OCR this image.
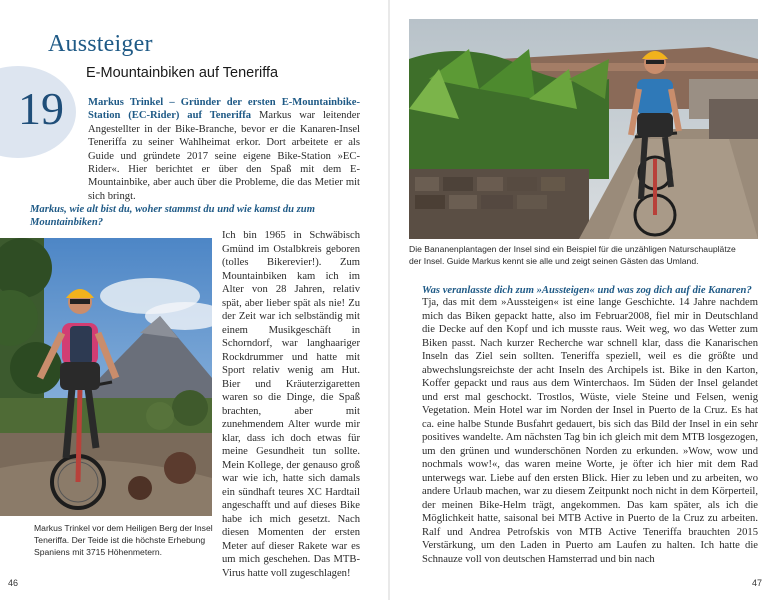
19
Aussteiger
E-Mountainbiken auf Teneriffa
Markus Trinkel – Gründer der ersten E-Mountainbike-Station (EC-Rider) auf Teneriffa Markus war leitender Angestellter in der Bike-Branche, bevor er die Kanaren-Insel Teneriffa zu seiner Wahlheimat erkor. Dort arbeitete er als Guide und gründete 2017 seine eigene Bike-Station »EC-Rider«. Hier berichtet er über den Spaß mit dem E-Mountainbike, aber auch über die Probleme, die das Metier mit sich bringt.
Markus, wie alt bist du, woher stammst du und wie kamst du zum Mountainbiken?
Markus Trinkel vor dem Heiligen Berg der Insel Teneriffa. Der Teide ist die höchste Erhebung Spaniens mit 3715 Höhenmetern.
Ich bin 1965 in Schwäbisch Gmünd im Ostalbkreis geboren (tolles Bikerevier!). Zum Mountainbiken kam ich im Alter von 28 Jahren, relativ spät, aber lieber spät als nie! Zu der Zeit war ich selbständig mit einem Musikgeschäft in Schorndorf, war langhaariger Rockdrummer und hatte mit Sport relativ wenig am Hut. Bier und Kräuterzigaretten waren so die Dinge, die Spaß brachten, aber mit zunehmendem Alter wurde mir klar, dass ich doch etwas für meine Gesundheit tun sollte. Mein Kollege, der genauso groß war wie ich, hatte sich damals ein sündhaft teures XC Hardtail angeschafft und auf dieses Bike habe ich mich gesetzt. Nach diesen Momenten der ersten Meter auf dieser Rakete war es um mich geschehen. Das MTB-Virus hatte voll zugeschlagen!
46
Die Bananenplantagen der Insel sind ein Beispiel für die unzähligen Naturschauplätze der Insel. Guide Markus kennt sie alle und zeigt seinen Gästen das Umland.
Was veranlasste dich zum »Aussteigen« und was zog dich auf die Kanaren?
Tja, das mit dem »Aussteigen« ist eine lange Geschichte. 14 Jahre nachdem mich das Biken gepackt hatte, also im Februar2008, fiel mir in Deutschland die Decke auf den Kopf und ich musste raus. Weit weg, wo das Wetter zum Biken passt. Nach kurzer Recherche war schnell klar, dass die Kanarischen Inseln das Ziel sein sollten. Teneriffa speziell, weil es die größte und abwechslungsreichste der acht Inseln des Archipels ist. Bike in den Karton, Koffer gepackt und raus aus dem Winterchaos. Im Süden der Insel gelandet und erst mal geschockt. Trostlos, Wüste, viele Steine und Felsen, wenig Vegetation. Mein Hotel war im Norden der Insel in Puerto de la Cruz. Es hat ca. eine halbe Stunde Busfahrt gedauert, bis sich das Bild der Insel in ein sehr positives wandelte. Am nächsten Tag bin ich gleich mit dem MTB losgezogen, um den grünen und wunderschönen Norden zu erkunden. »Wow, wow und nochmals wow!«, das waren meine Worte, je öfter ich hier mit dem Rad unterwegs war. Liebe auf den ersten Blick. Hier zu leben und zu arbeiten, wo andere Urlaub machen, war zu diesem Zeitpunkt noch nicht in dem Körperteil, der meinen Bike-Helm trägt, angekommen. Das kam später, als ich die Möglichkeit hatte, saisonal bei MTB Active in Puerto de la Cruz zu arbeiten. Ralf und Andrea Petrofskis von MTB Active Teneriffa brauchten 2015 Verstärkung, um den Laden in Puerto am Laufen zu halten. Ich hatte die Schnauze voll von deutschen Hamsterrad und bin nach
47
